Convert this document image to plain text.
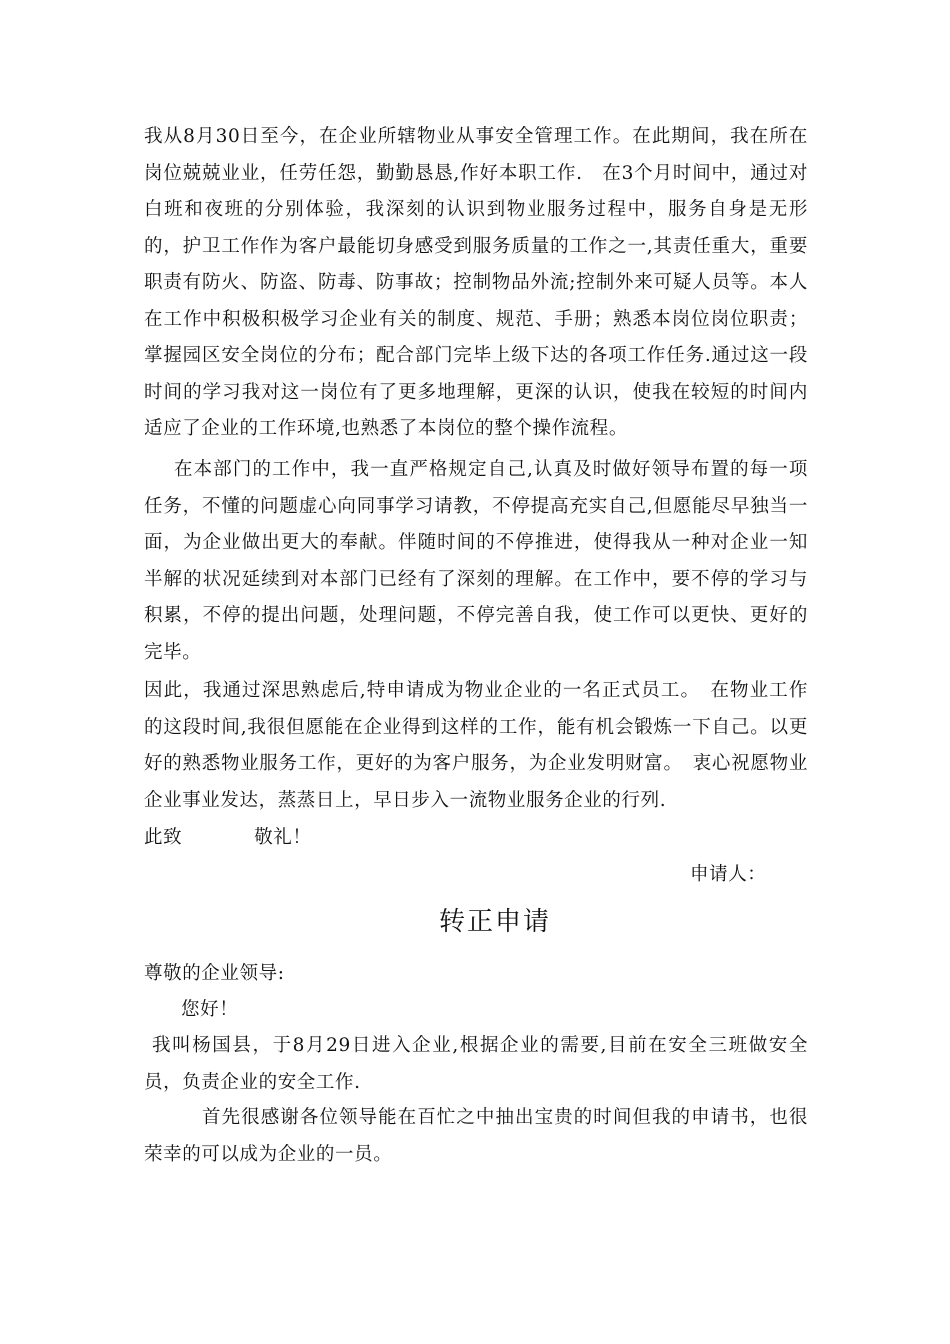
我从8月30日至今，在企业所辖物业从事安全管理工作。在此期间，我在所在岗位兢兢业业，任劳任怨，勤勤恳恳,作好本职工作.　在3个月时间中，通过对白班和夜班的分别体验，我深刻的认识到物业服务过程中，服务自身是无形的，护卫工作作为客户最能切身感受到服务质量的工作之一,其责任重大，重要职责有防火、防盗、防毒、防事故；控制物品外流;控制外来可疑人员等。本人在工作中积极积极学习企业有关的制度、规范、手册；熟悉本岗位岗位职责；掌握园区安全岗位的分布；配合部门完毕上级下达的各项工作任务.通过这一段时间的学习我对这一岗位有了更多地理解，更深的认识，使我在较短的时间内适应了企业的工作环境,也熟悉了本岗位的整个操作流程。
在本部门的工作中，我一直严格规定自己,认真及时做好领导布置的每一项任务，不懂的问题虚心向同事学习请教，不停提高充实自己,但愿能尽早独当一面，为企业做出更大的奉献。伴随时间的不停推进，使得我从一种对企业一知半解的状况延续到对本部门已经有了深刻的理解。在工作中，要不停的学习与积累，不停的提出问题，处理问题，不停完善自我，使工作可以更快、更好的完毕。
因此，我通过深思熟虑后,特申请成为物业企业的一名正式员工。　在物业工作的这段时间,我很但愿能在企业得到这样的工作，能有机会锻炼一下自己。以更好的熟悉物业服务工作，更好的为客户服务，为企业发明财富。　衷心祝愿物业企业事业发达，蒸蒸日上，早日步入一流物业服务企业的行列.
此致	敬礼！
申请人：
转正申请
尊敬的企业领导:
您好！
我叫杨国县，于8月29日进入企业,根据企业的需要,目前在安全三班做安全员，负责企业的安全工作.
首先很感谢各位领导能在百忙之中抽出宝贵的时间但我的申请书，也很荣幸的可以成为企业的一员。
